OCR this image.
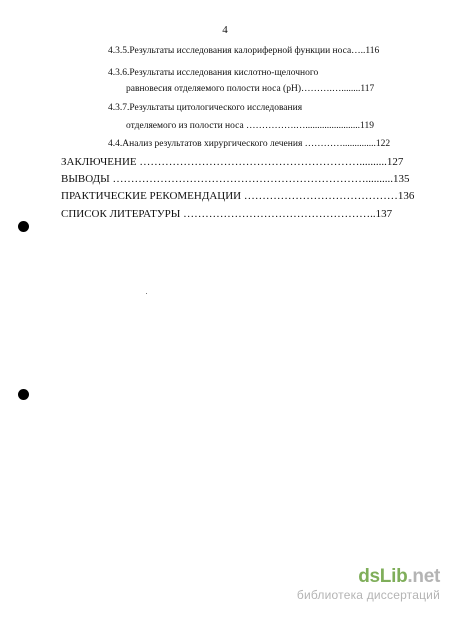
4
4.3.5.Результаты исследования калориферной функции носа…..116
4.3.6.Результаты исследования кислотно-щелочного
равновесия отделяемого полости носа (pH)……….…........117
4.3.7.Результаты цитологического исследования
отделяемого из полости носа …………….….......................119
4.4.Анализ результатов хирургического лечения …………..............122
ЗАКЛЮЧЕНИЕ ……………………………………………………..........127
ВЫВОДЫ ……………………………………………………………..........135
ПРАКТИЧЕСКИЕ РЕКОМЕНДАЦИИ ……………………………………136
СПИСОК ЛИТЕРАТУРЫ ……………………………………………..137
dsLib.net
библиотека диссертаций
